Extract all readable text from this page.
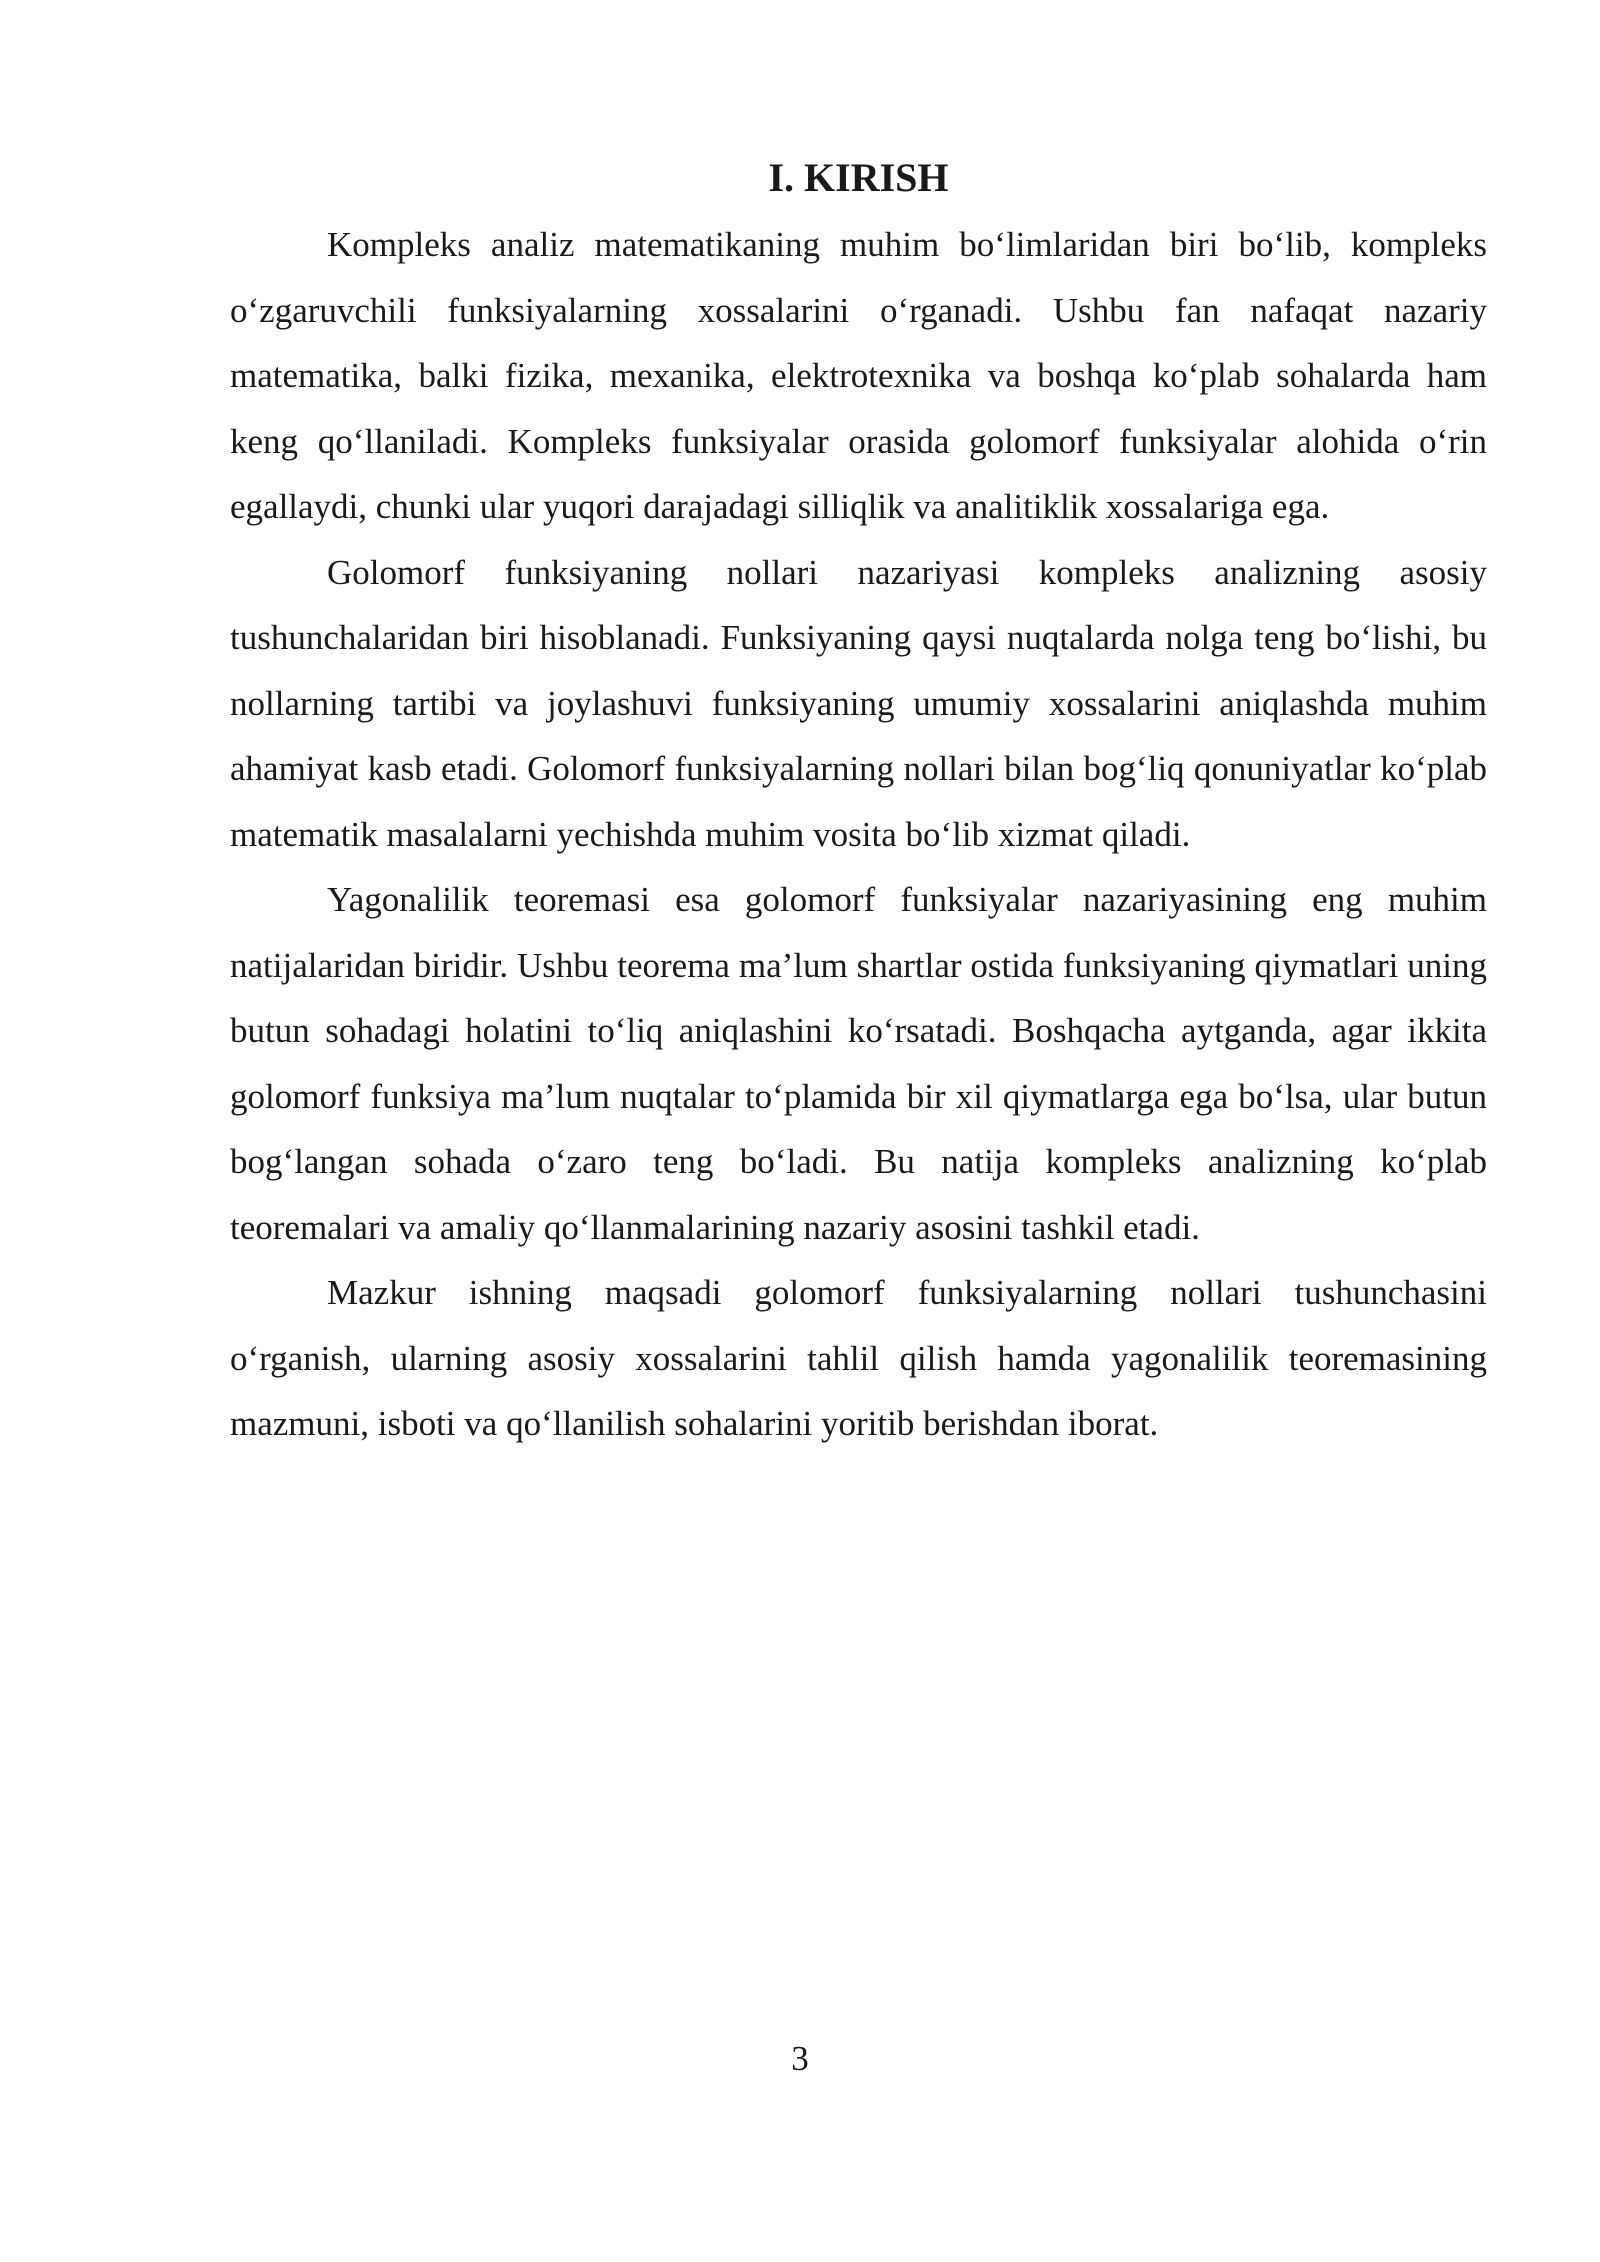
I. KIRISH

Kompleks analiz matematikaning muhim bo‘limlaridan biri bo‘lib, kompleks o‘zgaruvchili funksiyalarning xossalarini o‘rganadi. Ushbu fan nafaqat nazariy matematika, balki fizika, mexanika, elektrotexnika va boshqa ko‘plab sohalarda ham keng qo‘llaniladi. Kompleks funksiyalar orasida golomorf funksiyalar alohida o‘rin egallaydi, chunki ular yuqori darajadagi silliqlik va analitiklik xossalariga ega.

Golomorf funksiyaning nollari nazariyasi kompleks analizning asosiy tushunchalaridan biri hisoblanadi. Funksiyaning qaysi nuqtalarda nolga teng bo‘lishi, bu nollarning tartibi va joylashuvi funksiyaning umumiy xossalarini aniqlashda muhim ahamiyat kasb etadi. Golomorf funksiyalarning nollari bilan bog‘liq qonuniyatlar ko‘plab matematik masalalarni yechishda muhim vosita bo‘lib xizmat qiladi.

Yagonalilik teoremasi esa golomorf funksiyalar nazariyasining eng muhim natijalaridan biridir. Ushbu teorema ma’lum shartlar ostida funksiyaning qiymatlari uning butun sohadagi holatini to‘liq aniqlashini ko‘rsatadi. Boshqacha aytganda, agar ikkita golomorf funksiya ma’lum nuqtalar to‘plamida bir xil qiymatlarga ega bo‘lsa, ular butun bog‘langan sohada o‘zaro teng bo‘ladi. Bu natija kompleks analizning ko‘plab teoremalari va amaliy qo‘llanmalarining nazariy asosini tashkil etadi.

Mazkur ishning maqsadi golomorf funksiyalarning nollari tushunchasini o‘rganish, ularning asosiy xossalarini tahlil qilish hamda yagonalilik teoremasining mazmuni, isboti va qo‘llanilish sohalarini yoritib berishdan iborat.

3
